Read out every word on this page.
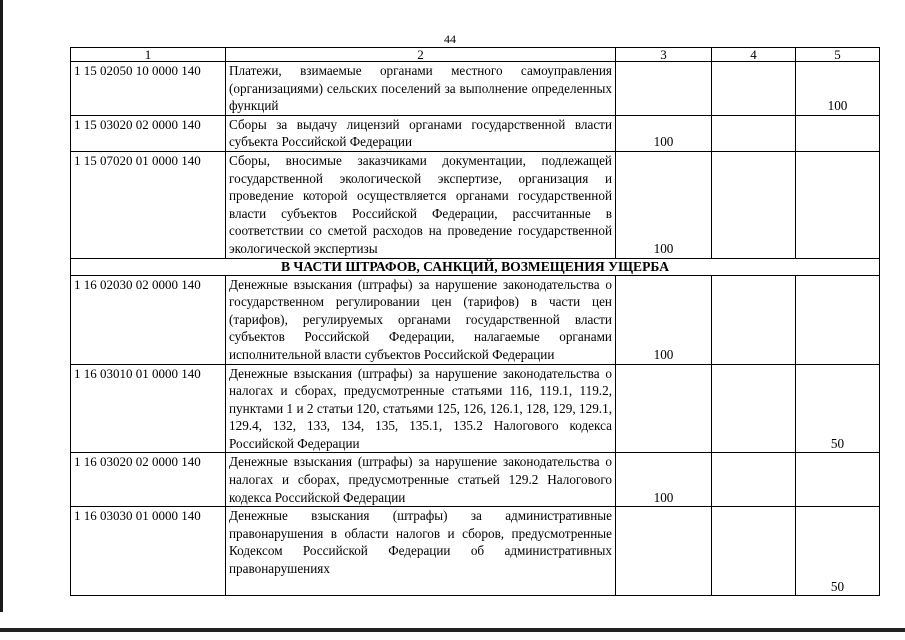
44
1	2	3	4	5
1 15 02050 10 0000 140	Платежи, взимаемые органами местного самоуправления (организациями) сельских поселений за выполнение определенных функций			100
1 15 03020 02 0000 140	Сборы за выдачу лицензий органами государственной власти субъекта Российской Федерации	100		
1 15 07020 01 0000 140	Сборы, вносимые заказчиками документации, подлежащей государственной экологической экспертизе, организация и проведение которой осуществляется органами государственной власти субъектов Российской Федерации, рассчитанные в соответствии со сметой расходов на проведение государственной экологической экспертизы	100		
В ЧАСТИ ШТРАФОВ, САНКЦИЙ, ВОЗМЕЩЕНИЯ УЩЕРБА				
1 16 02030 02 0000 140	Денежные взыскания (штрафы) за нарушение законодательства о государственном регулировании цен (тарифов) в части цен (тарифов), регулируемых органами государственной власти субъектов Российской Федерации, налагаемые органами исполнительной власти субъектов Российской Федерации	100		
1 16 03010 01 0000 140	Денежные взыскания (штрафы) за нарушение законодательства о налогах и сборах, предусмотренные статьями 116, 119.1, 119.2, пунктами 1 и 2 статьи 120, статьями 125, 126, 126.1, 128, 129, 129.1, 129.4, 132, 133, 134, 135, 135.1, 135.2 Налогового кодекса Российской Федерации			50
1 16 03020 02 0000 140	Денежные взыскания (штрафы) за нарушение законодательства о налогах и сборах, предусмотренные статьей 129.2 Налогового кодекса Российской Федерации	100		
1 16 03030 01 0000 140	Денежные взыскания (штрафы) за административные правонарушения в области налогов и сборов, предусмотренные Кодексом Российской Федерации об административных правонарушениях			50
